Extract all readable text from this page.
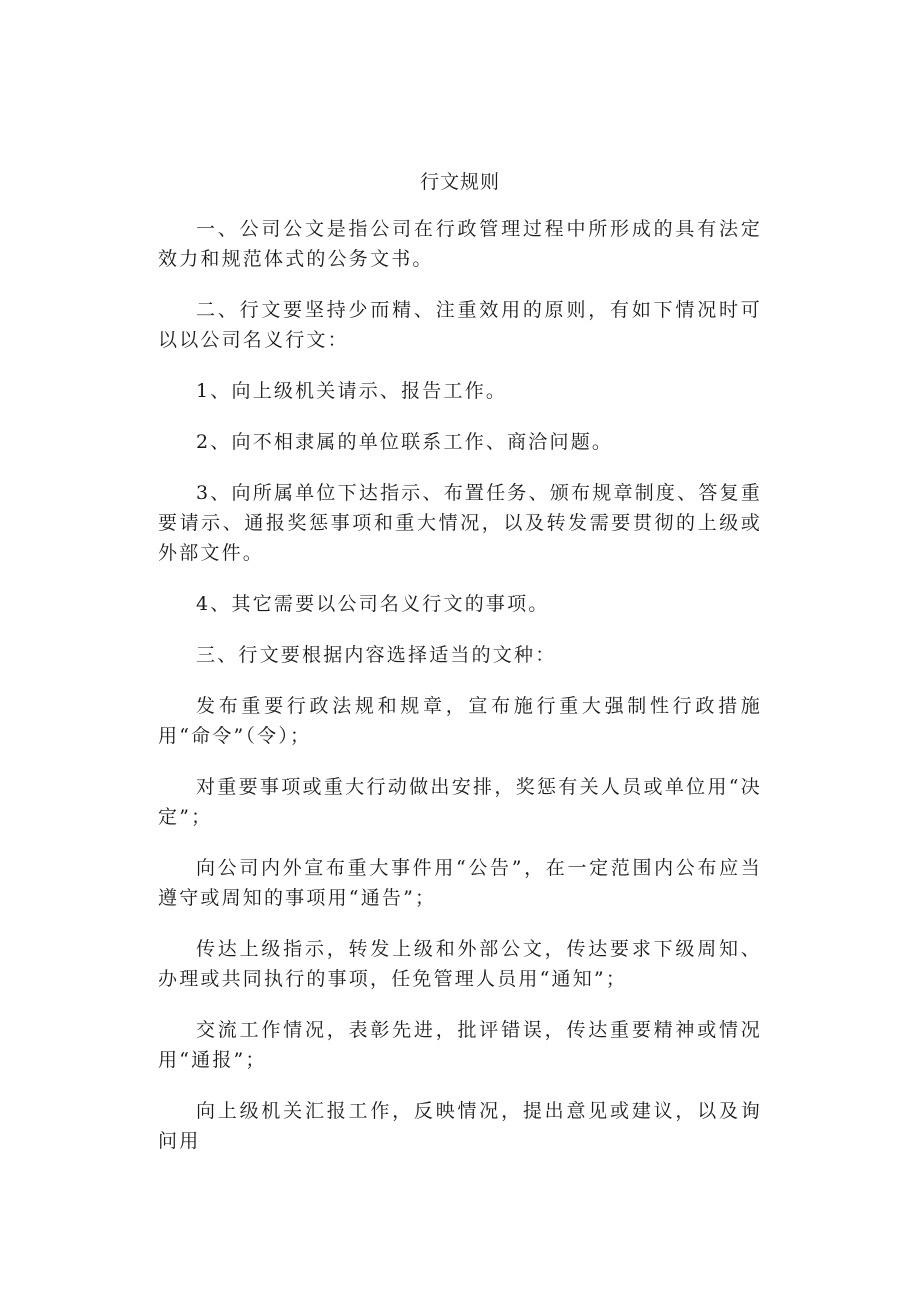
行文规则

一、公司公文是指公司在行政管理过程中所形成的具有法定效力和规范体式的公务文书。

二、行文要坚持少而精、注重效用的原则，有如下情况时可以以公司名义行文：

1、向上级机关请示、报告工作。

2、向不相隶属的单位联系工作、商洽问题。

3、向所属单位下达指示、布置任务、颁布规章制度、答复重要请示、通报奖惩事项和重大情况，以及转发需要贯彻的上级或外部文件。

4、其它需要以公司名义行文的事项。

三、行文要根据内容选择适当的文种：

发布重要行政法规和规章，宣布施行重大强制性行政措施用“命令”（令）；

对重要事项或重大行动做出安排，奖惩有关人员或单位用“决定”；

向公司内外宣布重大事件用“公告”，在一定范围内公布应当遵守或周知的事项用“通告”；

传达上级指示，转发上级和外部公文，传达要求下级周知、办理或共同执行的事项，任免管理人员用“通知”；

交流工作情况，表彰先进，批评错误，传达重要精神或情况用“通报”；

向上级机关汇报工作，反映情况，提出意见或建议，以及询问用
